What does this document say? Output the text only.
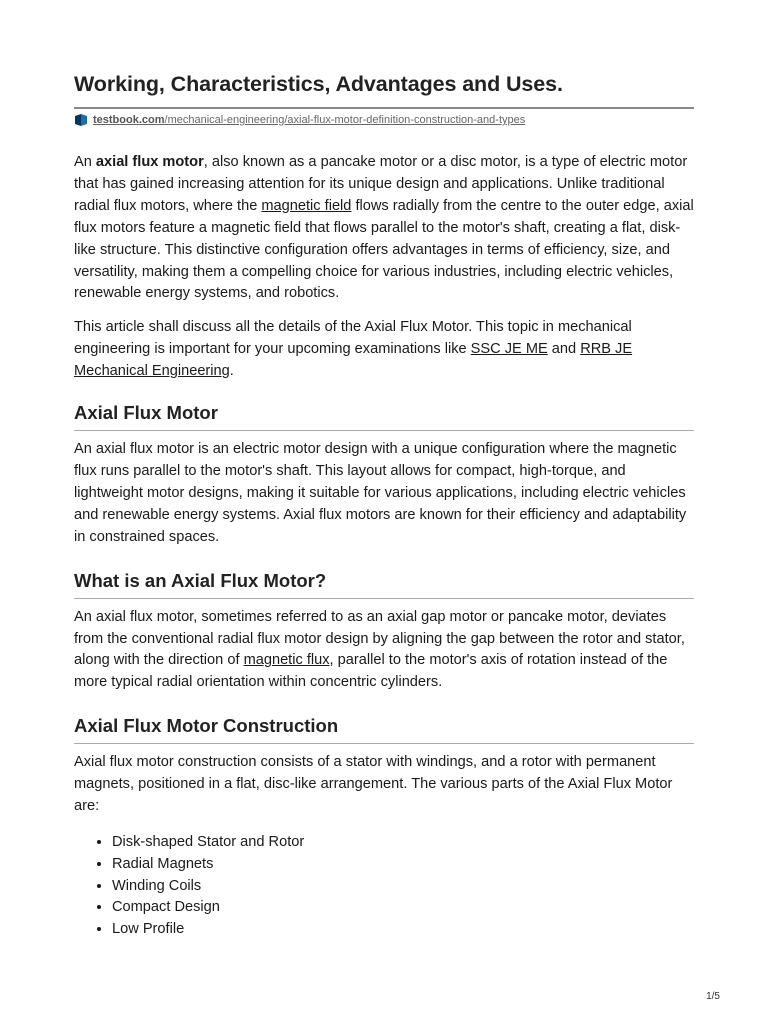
Working, Characteristics, Advantages and Uses.
testbook.com/mechanical-engineering/axial-flux-motor-definition-construction-and-types

An axial flux motor, also known as a pancake motor or a disc motor, is a type of electric motor that has gained increasing attention for its unique design and applications. Unlike traditional radial flux motors, where the magnetic field flows radially from the centre to the outer edge, axial flux motors feature a magnetic field that flows parallel to the motor's shaft, creating a flat, disk-like structure. This distinctive configuration offers advantages in terms of efficiency, size, and versatility, making them a compelling choice for various industries, including electric vehicles, renewable energy systems, and robotics.

This article shall discuss all the details of the Axial Flux Motor. This topic in mechanical engineering is important for your upcoming examinations like SSC JE ME and RRB JE Mechanical Engineering.

Axial Flux Motor

An axial flux motor is an electric motor design with a unique configuration where the magnetic flux runs parallel to the motor's shaft. This layout allows for compact, high-torque, and lightweight motor designs, making it suitable for various applications, including electric vehicles and renewable energy systems. Axial flux motors are known for their efficiency and adaptability in constrained spaces.

What is an Axial Flux Motor?

An axial flux motor, sometimes referred to as an axial gap motor or pancake motor, deviates from the conventional radial flux motor design by aligning the gap between the rotor and stator, along with the direction of magnetic flux, parallel to the motor's axis of rotation instead of the more typical radial orientation within concentric cylinders.

Axial Flux Motor Construction

Axial flux motor construction consists of a stator with windings, and a rotor with permanent magnets, positioned in a flat, disc-like arrangement. The various parts of the Axial Flux Motor are:

• Disk-shaped Stator and Rotor
• Radial Magnets
• Winding Coils
• Compact Design
• Low Profile
1/5
